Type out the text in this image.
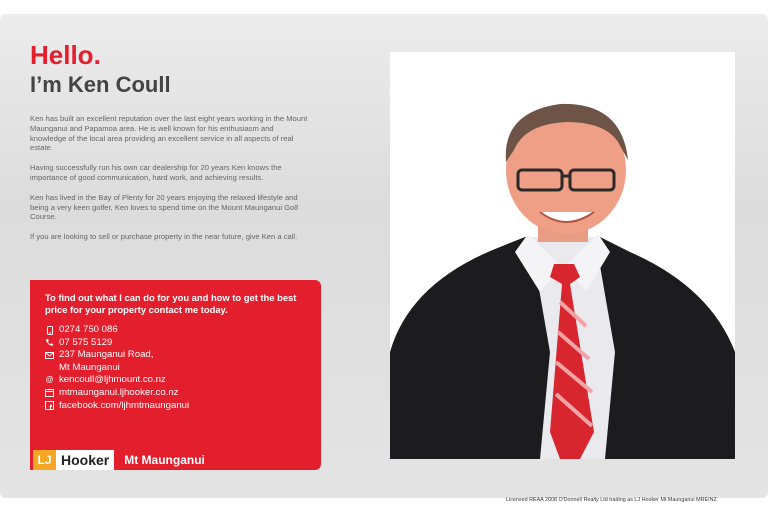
Hello.
I’m Ken Coull

Ken has built an excellent reputation over the last eight years working in the Mount Maunganui and Papamoa area. He is well known for his enthusiasm and knowledge of the local area providing an excellent service in all aspects of real estate.

Having successfully run his own car dealership for 20 years Ken knows the importance of good communication, hard work, and achieving results.

Ken has lived in the Bay of Plenty for 20 years enjoying the relaxed lifestyle and being a very keen golfer, Ken loves to spend time on the Mount Maunganui Golf Course.

If you are looking to sell or purchase property in the near future, give Ken a call.

To find out what I can do for you and how to get the best price for your property contact me today.
0274 750 086
07 575 5129
237 Maunganui Road,
Mt Maunganui
@ kencoull@ljhmount.co.nz
mtmaunganui.ljhooker.co.nz
facebook.com/ljhmtmaunganui
LJ Hooker	Mt Maunganui
Licensed REAA 2008 O'Donnell Realty Ltd trading as LJ Hooker Mt Maunganui MREINZ
